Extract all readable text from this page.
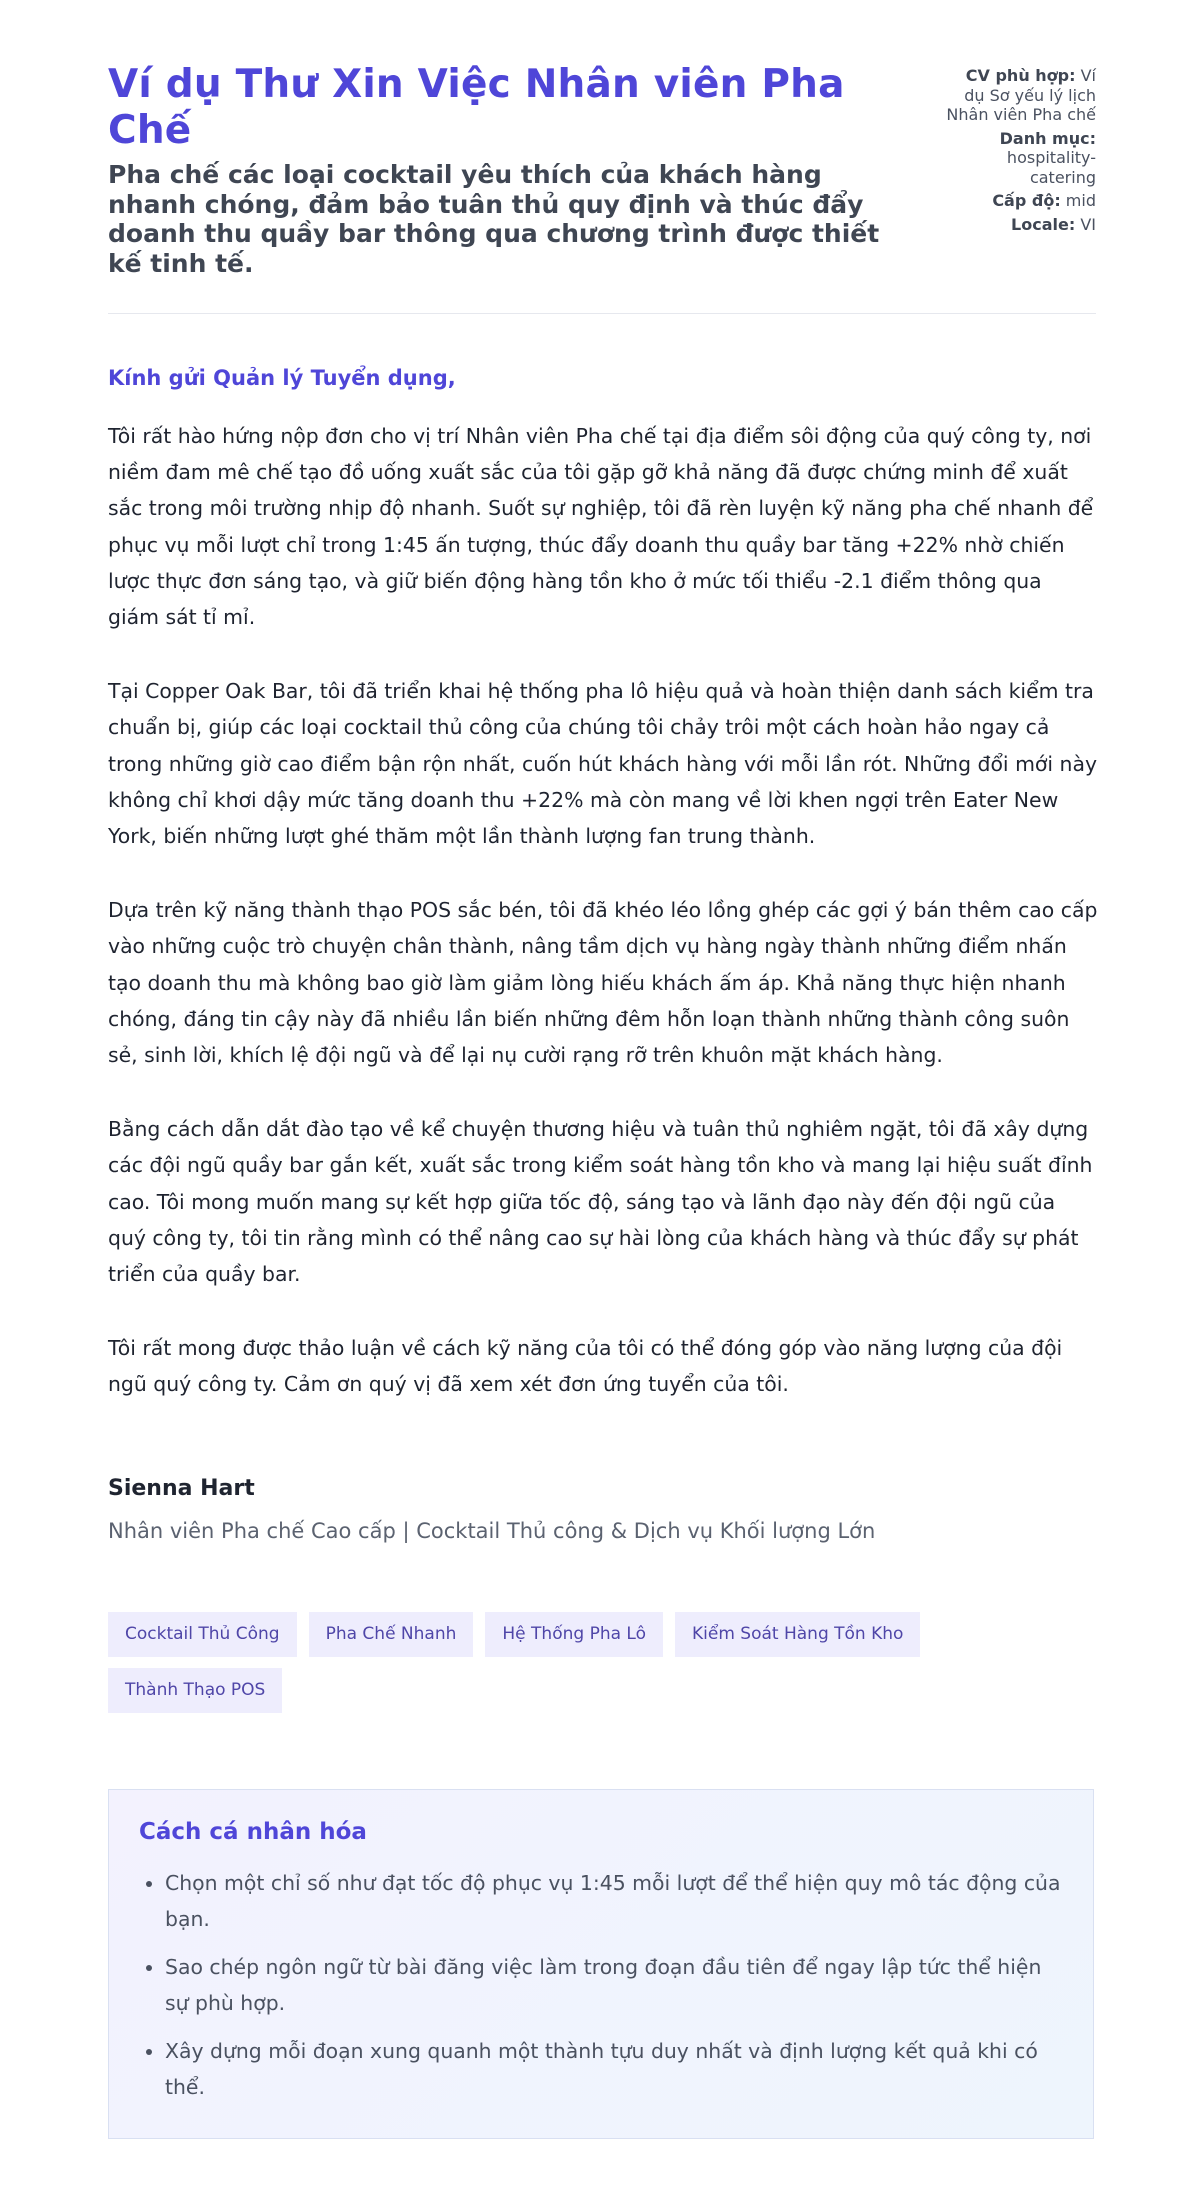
Ví dụ Thư Xin Việc Nhân viên Pha Chế
Pha chế các loại cocktail yêu thích của khách hàng nhanh chóng, đảm bảo tuân thủ quy định và thúc đẩy doanh thu quầy bar thông qua chương trình được thiết kế tinh tế.
CV phù hợp: Ví dụ Sơ yếu lý lịch Nhân viên Pha chế
Danh mục: hospitality-catering
Cấp độ: mid
Locale: VI
Kính gửi Quản lý Tuyển dụng,

Tôi rất hào hứng nộp đơn cho vị trí Nhân viên Pha chế tại địa điểm sôi động của quý công ty, nơi niềm đam mê chế tạo đồ uống xuất sắc của tôi gặp gỡ khả năng đã được chứng minh để xuất sắc trong môi trường nhịp độ nhanh. Suốt sự nghiệp, tôi đã rèn luyện kỹ năng pha chế nhanh để phục vụ mỗi lượt chỉ trong 1:45 ấn tượng, thúc đẩy doanh thu quầy bar tăng +22% nhờ chiến lược thực đơn sáng tạo, và giữ biến động hàng tồn kho ở mức tối thiểu -2.1 điểm thông qua giám sát tỉ mỉ.

Tại Copper Oak Bar, tôi đã triển khai hệ thống pha lô hiệu quả và hoàn thiện danh sách kiểm tra chuẩn bị, giúp các loại cocktail thủ công của chúng tôi chảy trôi một cách hoàn hảo ngay cả trong những giờ cao điểm bận rộn nhất, cuốn hút khách hàng với mỗi lần rót. Những đổi mới này không chỉ khơi dậy mức tăng doanh thu +22% mà còn mang về lời khen ngợi trên Eater New York, biến những lượt ghé thăm một lần thành lượng fan trung thành.

Dựa trên kỹ năng thành thạo POS sắc bén, tôi đã khéo léo lồng ghép các gợi ý bán thêm cao cấp vào những cuộc trò chuyện chân thành, nâng tầm dịch vụ hàng ngày thành những điểm nhấn tạo doanh thu mà không bao giờ làm giảm lòng hiếu khách ấm áp. Khả năng thực hiện nhanh chóng, đáng tin cậy này đã nhiều lần biến những đêm hỗn loạn thành những thành công suôn sẻ, sinh lời, khích lệ đội ngũ và để lại nụ cười rạng rỡ trên khuôn mặt khách hàng.

Bằng cách dẫn dắt đào tạo về kể chuyện thương hiệu và tuân thủ nghiêm ngặt, tôi đã xây dựng các đội ngũ quầy bar gắn kết, xuất sắc trong kiểm soát hàng tồn kho và mang lại hiệu suất đỉnh cao. Tôi mong muốn mang sự kết hợp giữa tốc độ, sáng tạo và lãnh đạo này đến đội ngũ của quý công ty, tôi tin rằng mình có thể nâng cao sự hài lòng của khách hàng và thúc đẩy sự phát triển của quầy bar.

Tôi rất mong được thảo luận về cách kỹ năng của tôi có thể đóng góp vào năng lượng của đội ngũ quý công ty. Cảm ơn quý vị đã xem xét đơn ứng tuyển của tôi.

Sienna Hart

Nhân viên Pha chế Cao cấp | Cocktail Thủ công & Dịch vụ Khối lượng Lớn

Cocktail Thủ Công	Pha Chế Nhanh	Hệ Thống Pha Lô	Kiểm Soát Hàng Tồn Kho
Thành Thạo POS
Cách cá nhân hóa
• Chọn một chỉ số như đạt tốc độ phục vụ 1:45 mỗi lượt để thể hiện quy mô tác động của bạn.
• Sao chép ngôn ngữ từ bài đăng việc làm trong đoạn đầu tiên để ngay lập tức thể hiện sự phù hợp.
• Xây dựng mỗi đoạn xung quanh một thành tựu duy nhất và định lượng kết quả khi có thể.
